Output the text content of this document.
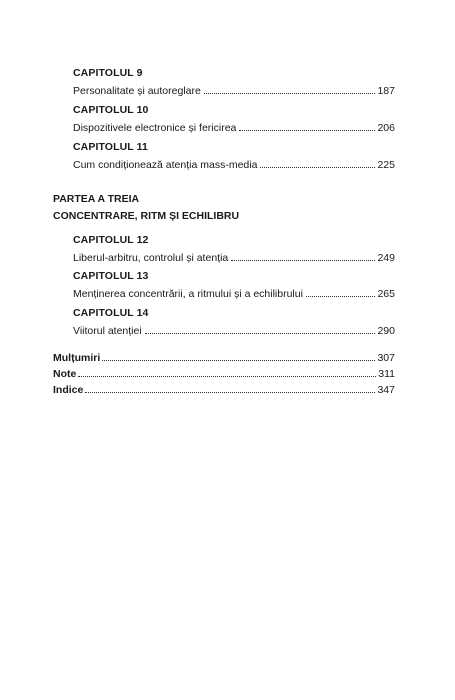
CAPITOLUL 9
Personalitate și autoreglare	187
CAPITOLUL 10
Dispozitivele electronice și fericirea	206
CAPITOLUL 11
Cum condiționează atenția mass-media	225
PARTEA A TREIA
CONCENTRARE, RITM ȘI ECHILIBRU
CAPITOLUL 12
Liberul-arbitru, controlul și atenția	249
CAPITOLUL 13
Menținerea concentrării, a ritmului și a echilibrului	265
CAPITOLUL 14
Viitorul atenției	290
Mulțumiri	307
Note	311
Indice	347
